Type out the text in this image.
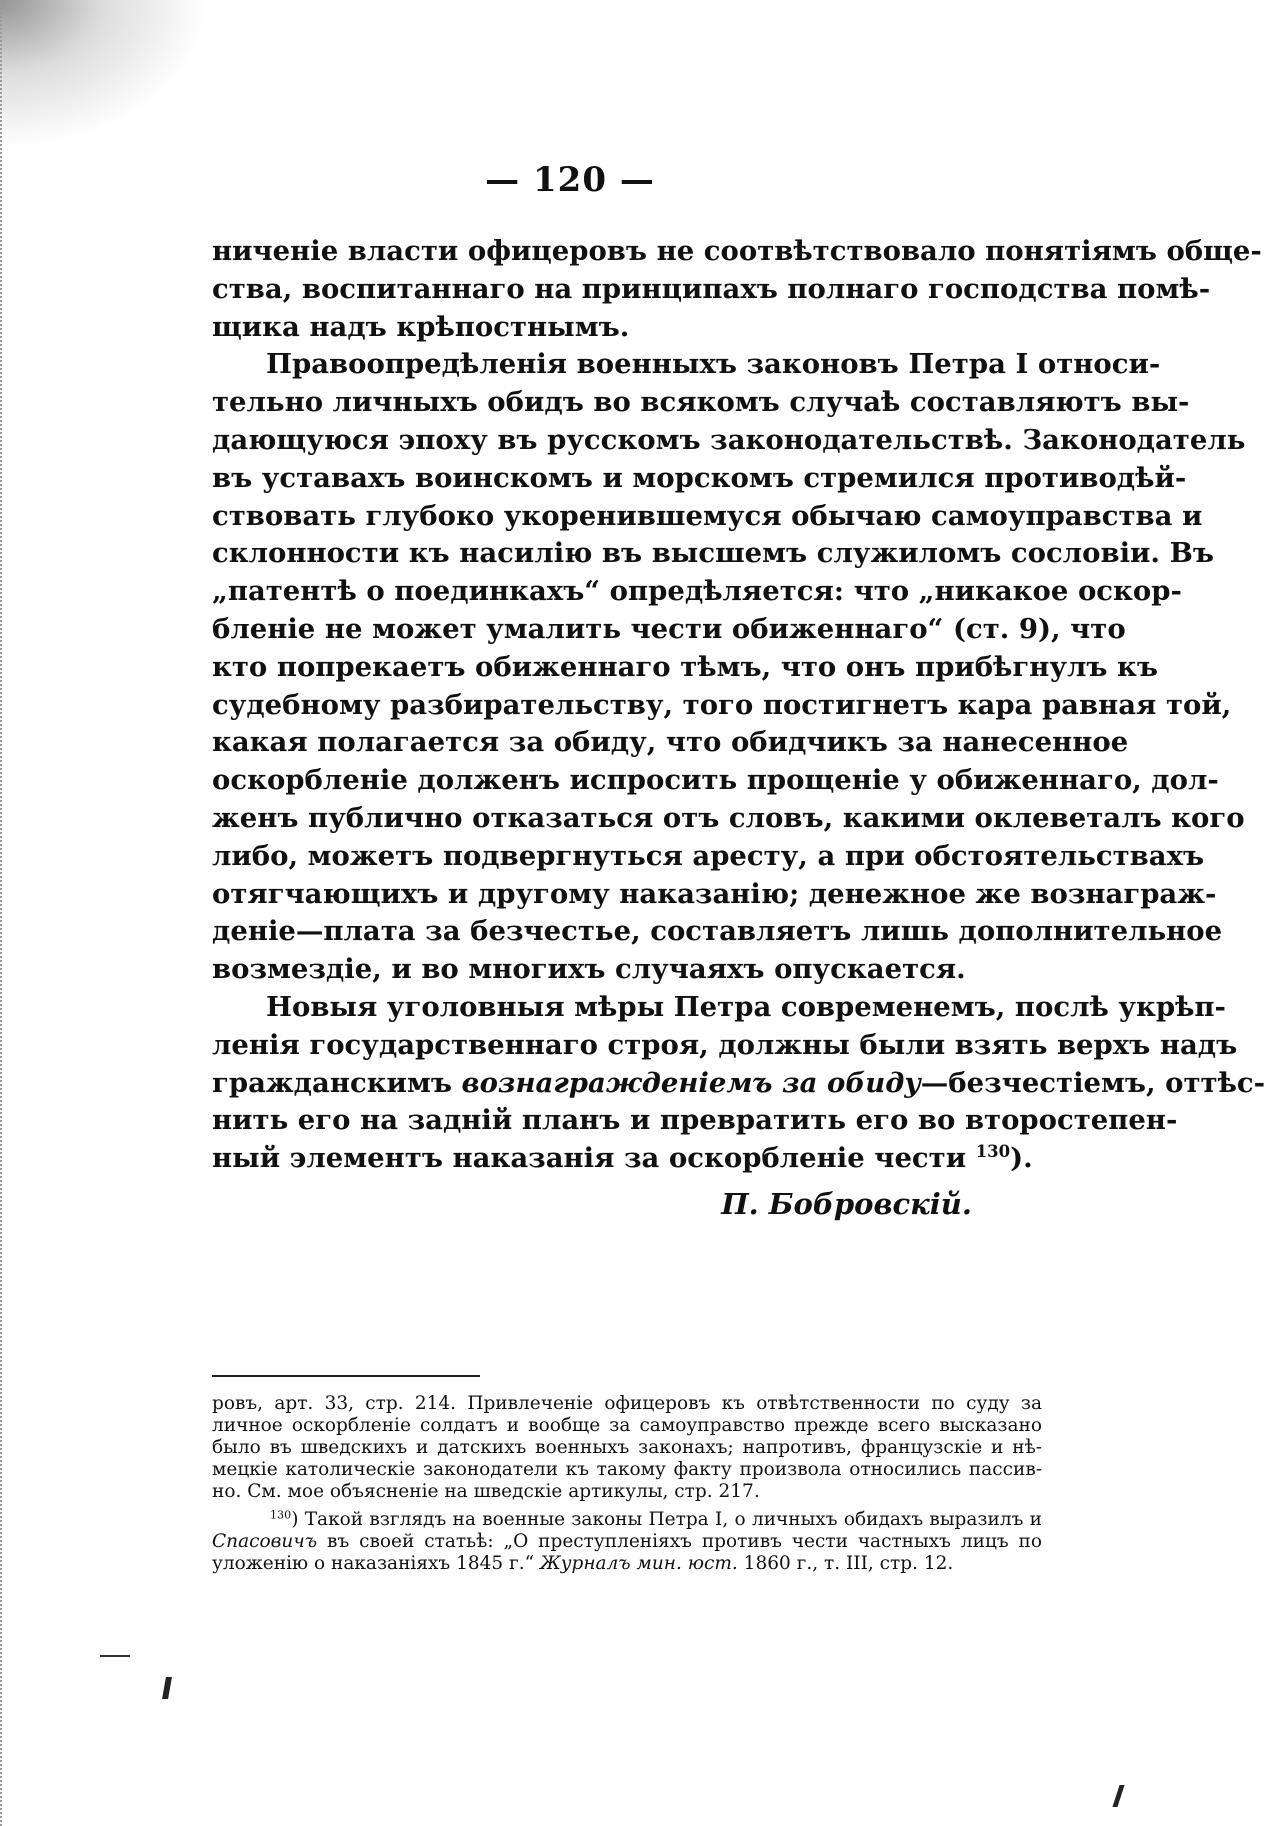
— 120 —
ниченіе власти офицеровъ не соотвѣтствовало понятіямъ обще-
ства, воспитаннаго на принципахъ полнаго господства помѣ-
щика надъ крѣпостнымъ.
Правоопредѣленія военныхъ законовъ Петра I относи-
тельно личныхъ обидъ во всякомъ случаѣ составляютъ вы-
дающуюся эпоху въ русскомъ законодательствѣ. Законодатель
въ уставахъ воинскомъ и морскомъ стремился противодѣй-
ствовать глубоко укоренившемуся обычаю самоуправства и
склонности къ насилію въ высшемъ служиломъ сословіи. Въ
„патентѣ о поединкахъ“ опредѣляется: что „никакое оскор-
бленіе не может умалить чести обиженнаго“ (ст. 9), что
кто попрекаетъ обиженнаго тѣмъ, что онъ прибѣгнулъ къ
судебному разбирательству, того постигнетъ кара равная той,
какая полагается за обиду, что обидчикъ за нанесенное
оскорбленіе долженъ испросить прощеніе у обиженнаго, дол-
женъ публично отказаться отъ словъ, какими оклеветалъ кого
либо, можетъ подвергнуться аресту, а при обстоятельствахъ
отягчающихъ и другому наказанію; денежное же вознаграж-
деніе—плата за безчестье, составляетъ лишь дополнительное
возмездіе, и во многихъ случаяхъ опускается.
Новыя уголовныя мѣры Петра современемъ, послѣ укрѣп-
ленія государственнаго строя, должны были взять верхъ надъ
гражданскимъ вознагражденіемъ за обиду—безчестіемъ, оттѣс-
нить его на задній планъ и превратить его во второстепен-
ный элементъ наказанія за оскорбленіе чести $^{130}$).
П. Бобровскій.
ровъ, арт. 33, стр. 214. Привлеченіе офицеровъ къ отвѣтственности по суду за
личное оскорбленіе солдатъ и вообще за самоуправство прежде всего высказано
было въ шведскихъ и датскихъ военныхъ законахъ; напротивъ, французскіе и нѣ-
мецкіе католическіе законодатели къ такому факту произвола относились пассив-
но. См. мое объясненіе на шведскіе артикулы, стр. 217.
$^{130}$) Такой взглядъ на военные законы Петра I, о личныхъ обидахъ выразилъ и
Спасовичъ въ своей статьѣ: „О преступленіяхъ противъ чести частныхъ лицъ по
уложенію о наказаніяхъ 1845 г.“ Журналъ мин. юст. 1860 г., т. III, стр. 12.
